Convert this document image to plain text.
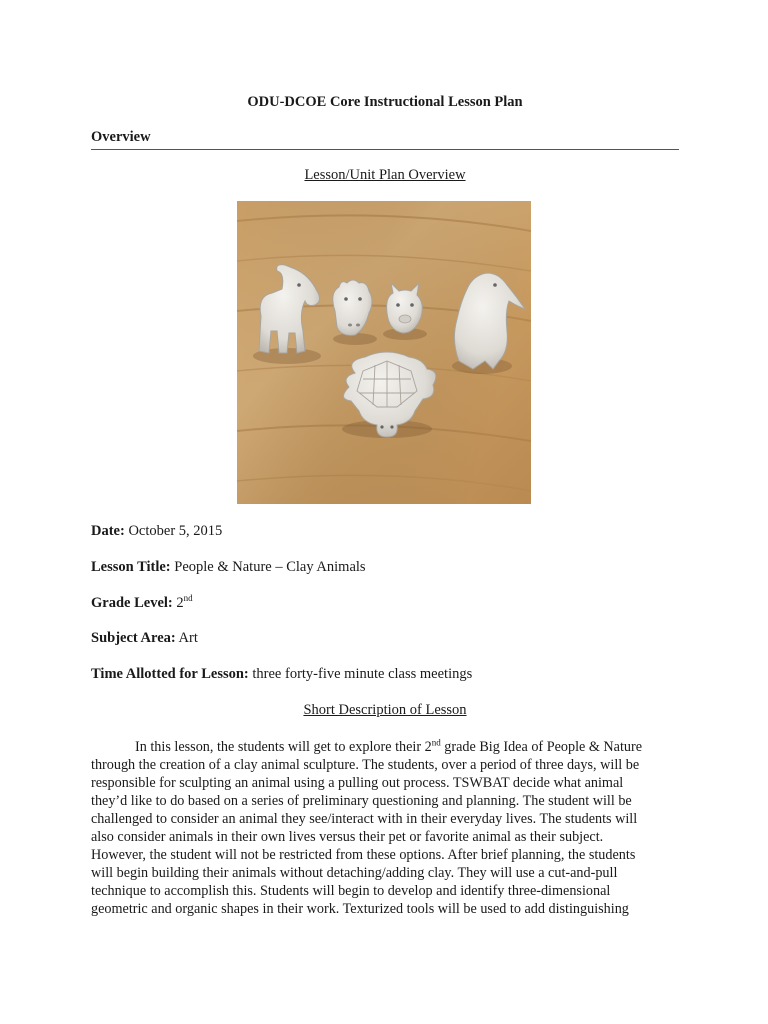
ODU-DCOE Core Instructional Lesson Plan
Overview
Lesson/Unit Plan Overview
Date: October 5, 2015
Lesson Title: People & Nature – Clay Animals
Grade Level: 2nd
Subject Area: Art
Time Allotted for Lesson: three forty-five minute class meetings
Short Description of Lesson
In this lesson, the students will get to explore their 2nd grade Big Idea of People & Nature
through the creation of a clay animal sculpture. The students, over a period of three days, will be
responsible for sculpting an animal using a pulling out process. TSWBAT decide what animal
they’d like to do based on a series of preliminary questioning and planning. The student will be
challenged to consider an animal they see/interact with in their everyday lives. The students will
also consider animals in their own lives versus their pet or favorite animal as their subject.
However, the student will not be restricted from these options. After brief planning, the students
will begin building their animals without detaching/adding clay. They will use a cut-and-pull
technique to accomplish this. Students will begin to develop and identify three-dimensional
geometric and organic shapes in their work. Texturized tools will be used to add distinguishing
